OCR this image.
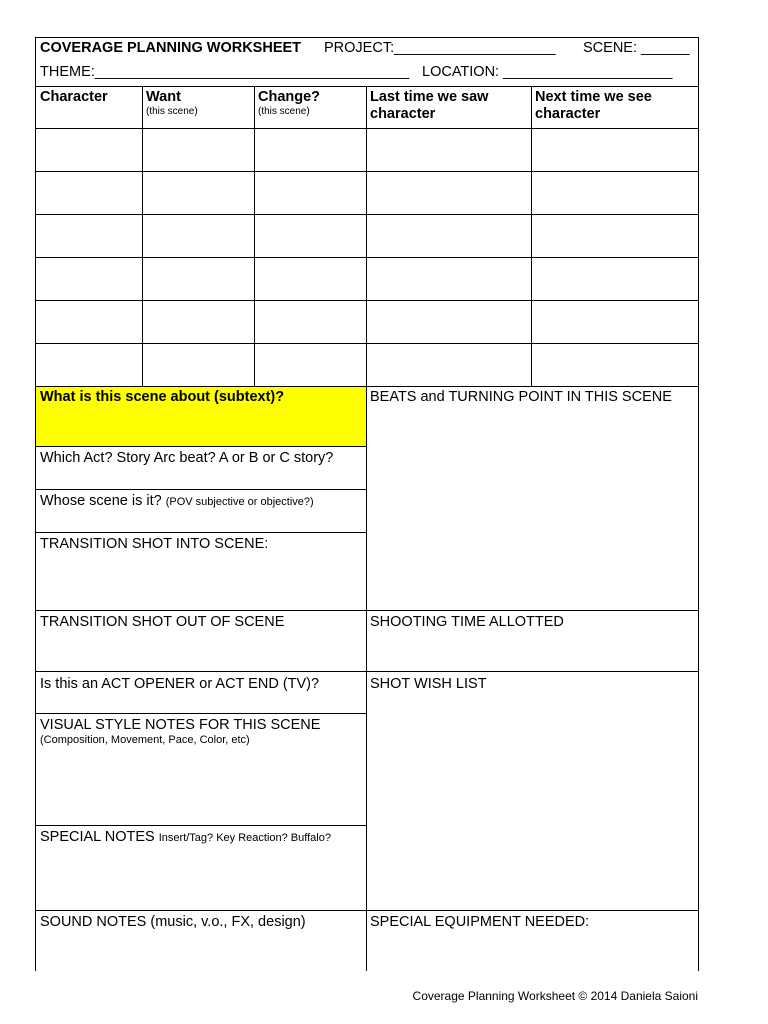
COVERAGE PLANNING WORKSHEET PROJECT:____________________ SCENE: ______
THEME:_______________________________________ LOCATION: _____________________
Character	Want
(this scene)
Change?
(this scene)
Last time we saw
character
Next time we see
character
What is this scene about (subtext)?
Which Act? Story Arc beat? A or B or C story?
Whose scene is it? (POV subjective or objective?)
TRANSITION SHOT INTO SCENE:
TRANSITION SHOT OUT OF SCENE
Is this an ACT OPENER or ACT END (TV)?
VISUAL STYLE NOTES FOR THIS SCENE
(Composition, Movement, Pace, Color, etc)
SPECIAL NOTES Insert/Tag? Key Reaction? Buffalo?
SOUND NOTES (music, v.o., FX, design)
BEATS and TURNING POINT IN THIS SCENE
SHOOTING TIME ALLOTTED
SHOT WISH LIST
SPECIAL EQUIPMENT NEEDED:
Coverage Planning Worksheet © 2014 Daniela Saioni
